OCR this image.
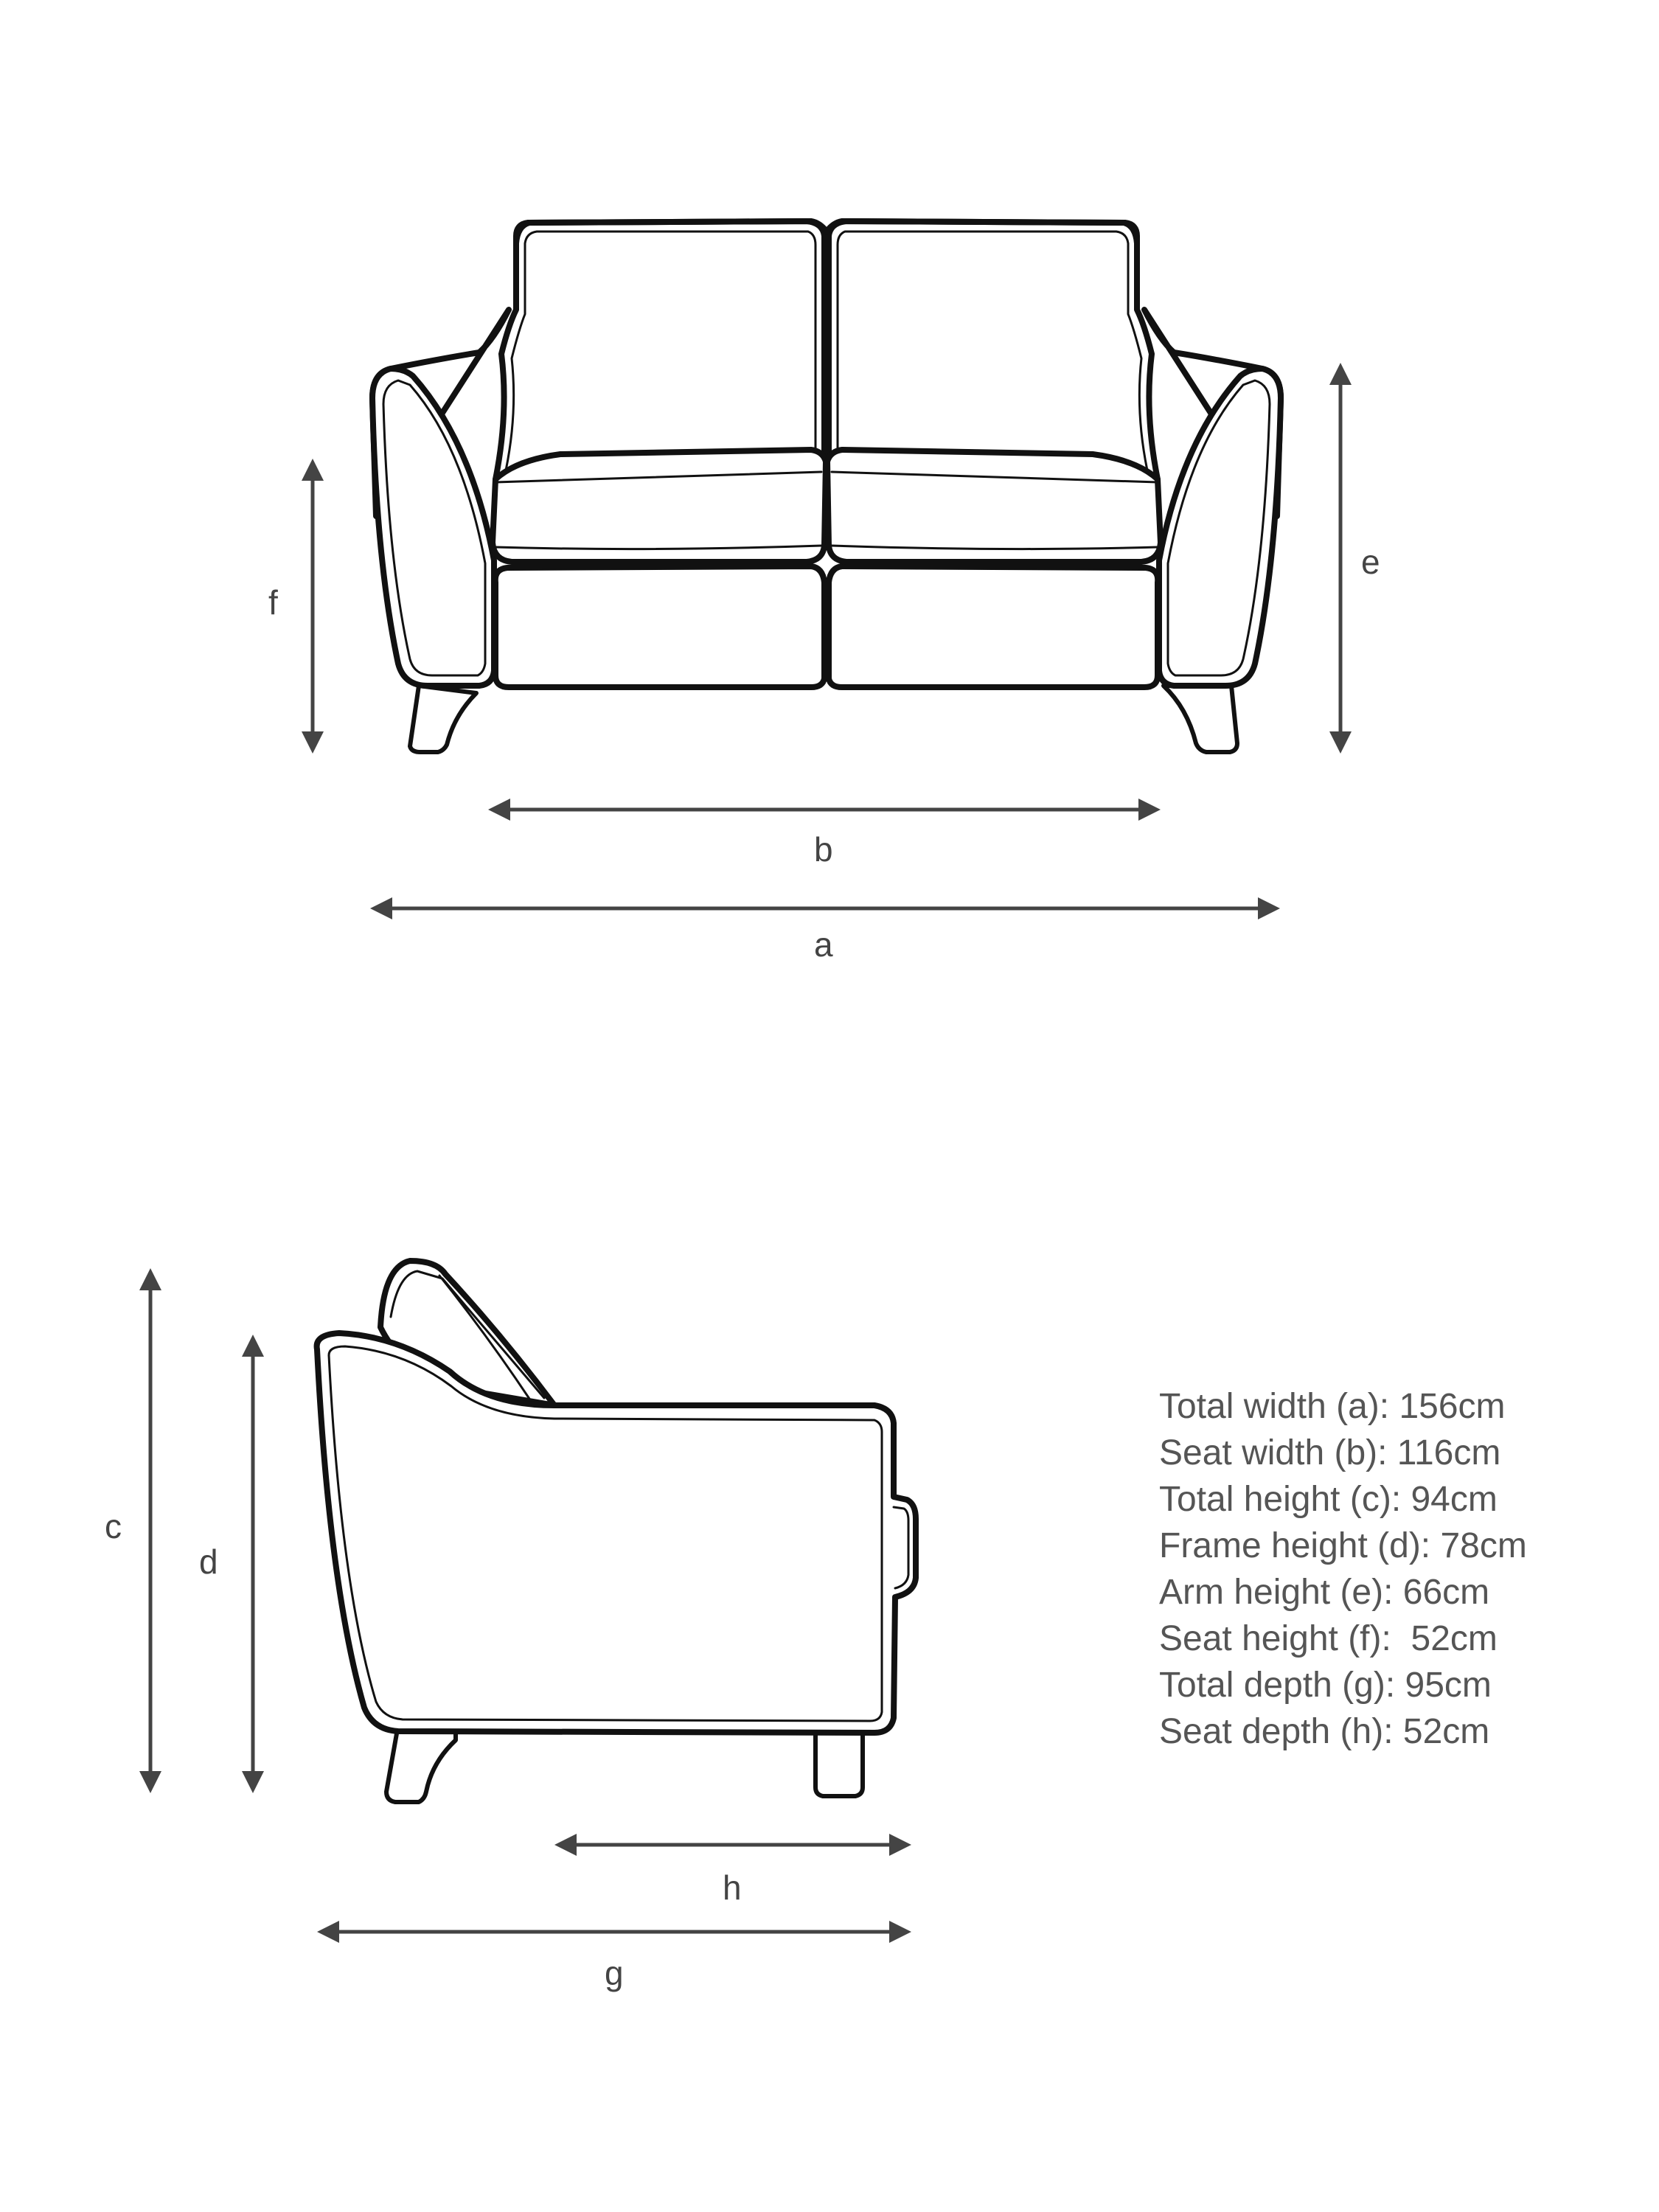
f
e
b
a
c
d
h
g
Total width (a): 156cm
Seat width (b): 116cm
Total height (c): 94cm
Frame height (d): 78cm
Arm height (e): 66cm
Seat height (f):  52cm
Total depth (g): 95cm
Seat depth (h): 52cm
